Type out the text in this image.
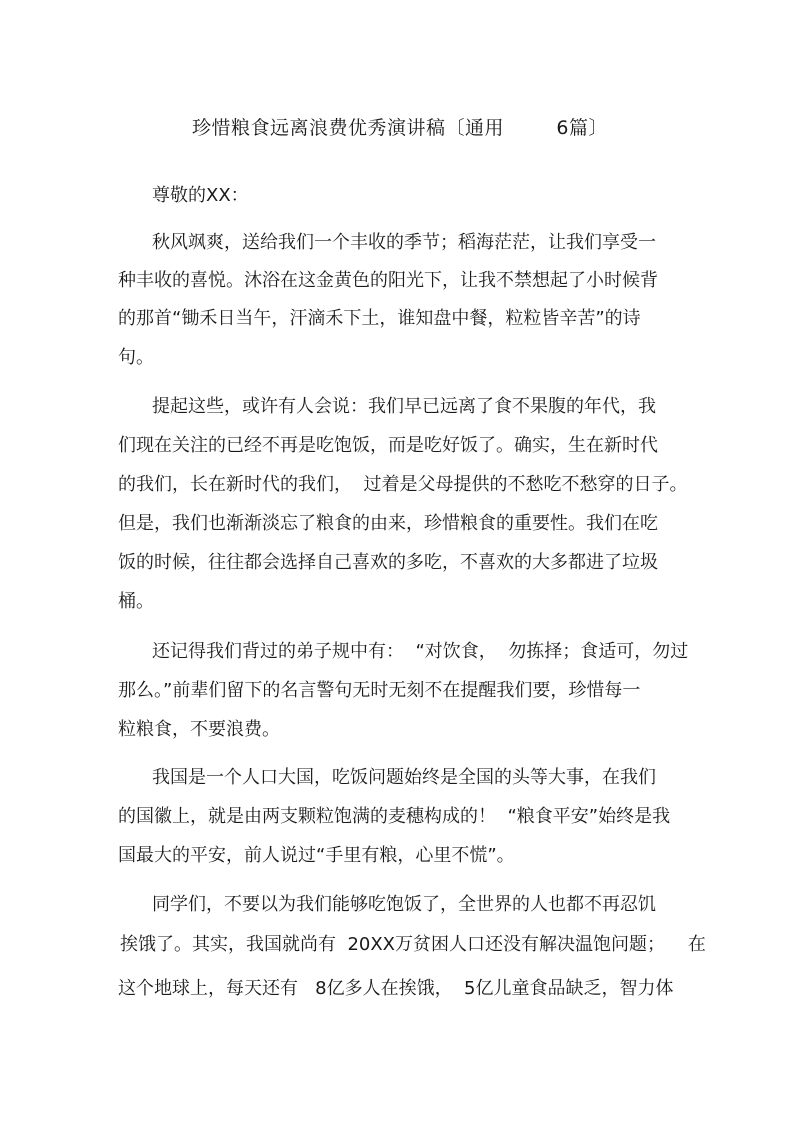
珍惜粮食远离浪费优秀演讲稿〔通用        6篇〕
尊敬的XX：
秋风飒爽，送给我们一个丰收的季节；稻海茫茫，让我们享受一
种丰收的喜悦。沐浴在这金黄色的阳光下，让我不禁想起了小时候背
的那首“锄禾日当午，汗滴禾下土，谁知盘中餐，粒粒皆辛苦”的诗
句。
提起这些，或许有人会说：我们早已远离了食不果腹的年代，我
们现在关注的已经不再是吃饱饭，而是吃好饭了。确实，生在新时代
的我们，长在新时代的我们，  过着是父母提供的不愁吃不愁穿的日子。
但是，我们也渐渐淡忘了粮食的由来，珍惜粮食的重要性。我们在吃
饭的时候，往往都会选择自己喜欢的多吃，不喜欢的大多都进了垃圾
桶。
还记得我们背过的弟子规中有：  “对饮食，  勿拣择；食适可，勿过
那么。”前辈们留下的名言警句无时无刻不在提醒我们要，珍惜每一
粒粮食，不要浪费。
我国是一个人口大国，吃饭问题始终是全国的头等大事，在我们
的国徽上，就是由两支颗粒饱满的麦穗构成的！  “粮食平安”始终是我
国最大的平安，前人说过“手里有粮，心里不慌”。
同学们，不要以为我们能够吃饱饭了，全世界的人也都不再忍饥
挨饿了。其实，我国就尚有  20XX万贫困人口还没有解决温饱问题；    在
这个地球上，每天还有   8亿多人在挨饿，  5亿儿童食品缺乏，智力体
